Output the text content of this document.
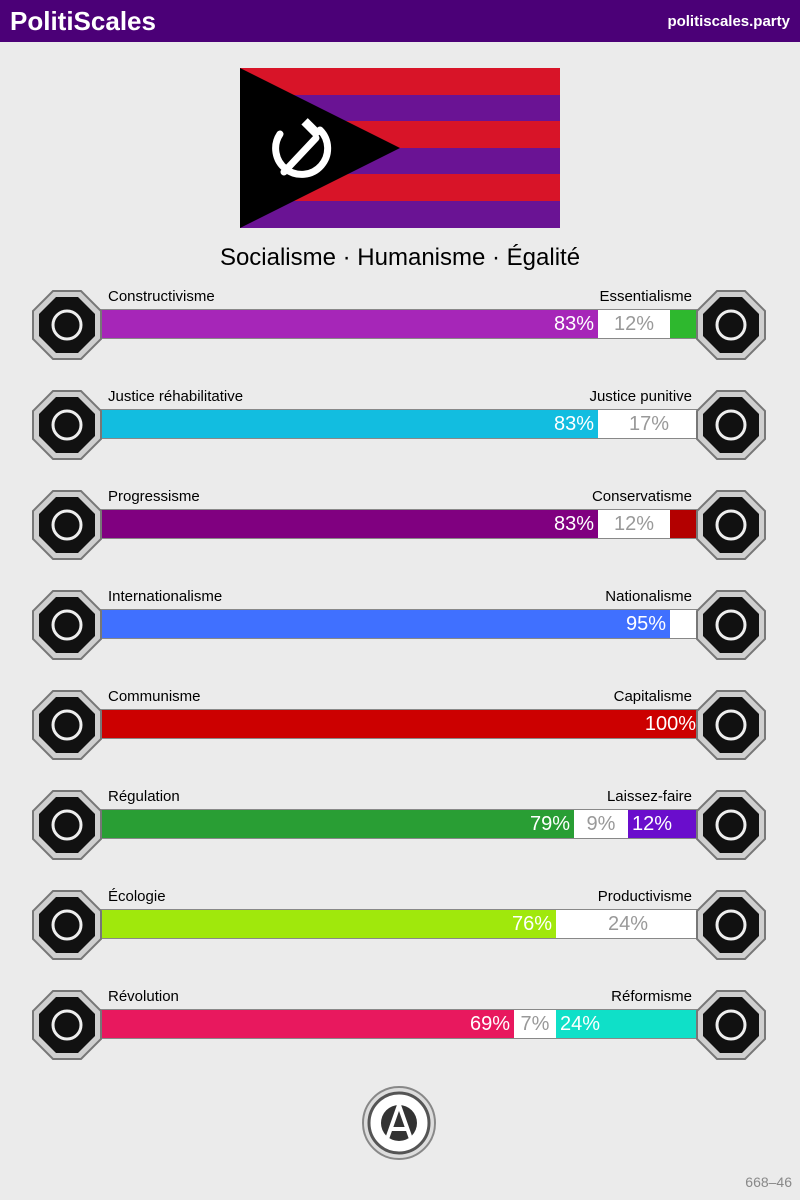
PolitiScales	politiscales.party
Socialisme · Humanisme · Égalité
Constructivisme	Essentialisme
83% 12%
Justice réhabilitative	Justice punitive
83% 17%
Progressisme	Conservatisme
83% 12%
Internationalisme	Nationalisme
95%
Communisme	Capitalisme
100%
Régulation	Laissez-faire
79% 9% 12%
Écologie	Productivisme
76%	24%
Révolution	Réformisme
69% 7% 24%
668–46
